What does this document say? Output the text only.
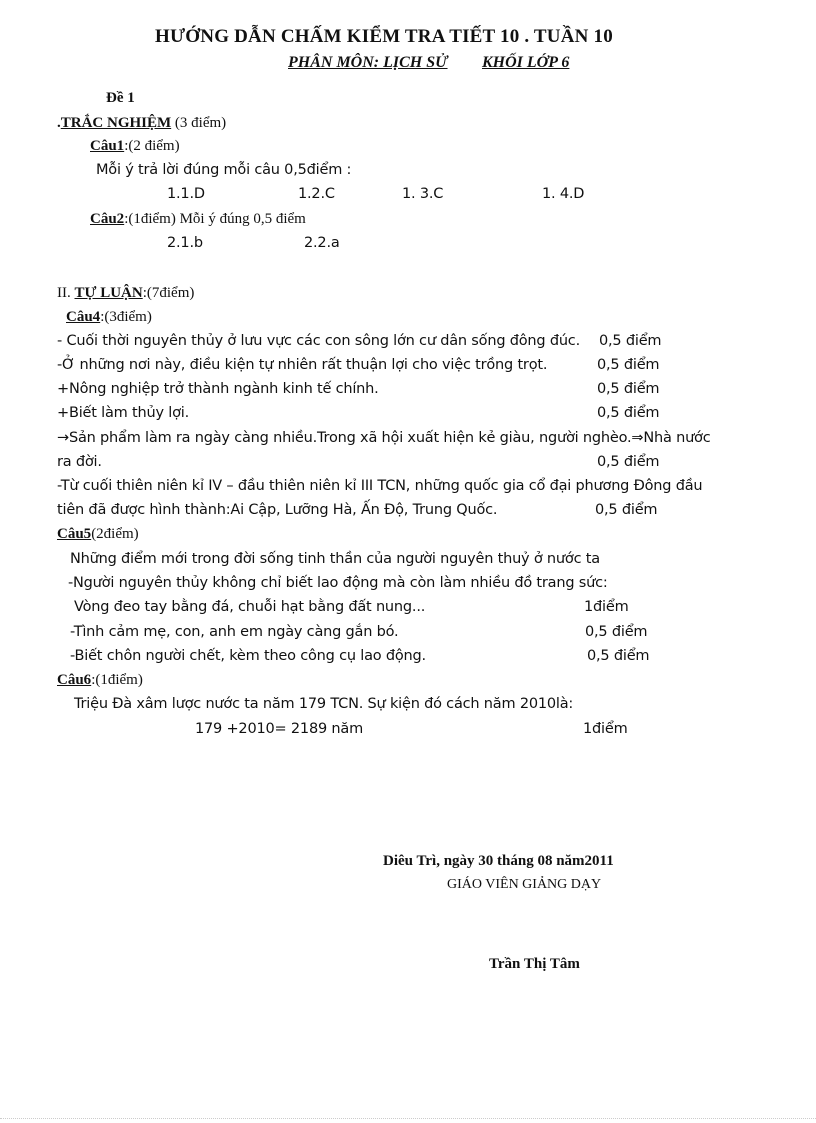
HƯỚNG DẪN CHẤM KIỂM TRA TIẾT 10 . TUẦN 10
PHÂN MÔN: LỊCH SỬ KHỐI LỚP 6
Đề 1
.TRẮC NGHIỆM (3 điểm)
Câu1:(2 điểm)
Mỗi ý trả lời đúng mỗi câu 0,5điểm :
1.1.D	1.2.C	1. 3.C	1. 4.D
Câu2:(1điểm) Mỗi ý đúng 0,5 điểm
2.1.b	2.2.a
II. TỰ LUẬN:(7điểm)
Câu4:(3điểm)
- Cuối thời nguyên thủy ở lưu vực các con sông lớn cư dân sống đông đúc. 0,5 điểm
-Ở những nơi này, điều kiện tự nhiên rất thuận lợi cho việc trồng trọt.	0,5 điểm
+Nông nghiệp trở thành ngành kinh tế chính.	0,5 điểm
+Biết làm thủy lợi.	0,5 điểm
→Sản phẩm làm ra ngày càng nhiều.Trong xã hội xuất hiện kẻ giàu, người nghèo.⇒Nhà nước
ra đời.	0,5 điểm
-Từ cuối thiên niên kỉ IV – đầu thiên niên kỉ III TCN, những quốc gia cổ đại phương Đông đầu
tiên đã được hình thành:Ai Cập, Lưỡng Hà, Ấn Độ, Trung Quốc.	0,5 điểm
Câu5(2điểm)
Những điểm mới trong đời sống tinh thần của người nguyên thuỷ ở nước ta
-Người nguyên thủy không chỉ biết lao động mà còn làm nhiều đồ trang sức:
Vòng đeo tay bằng đá, chuỗi hạt bằng đất nung...	1điểm
-Tình cảm mẹ, con, anh em ngày càng gắn bó.	0,5 điểm
-Biết chôn người chết, kèm theo công cụ lao động.	0,5 điểm
Câu6:(1điểm)
Triệu Đà xâm lược nước ta năm 179 TCN. Sự kiện đó cách năm 2010là:
179 +2010= 2189 năm	1điểm
Diêu Trì, ngày 30 tháng 08 năm2011
GIÁO VIÊN GIẢNG DẠY
Trần Thị Tâm
